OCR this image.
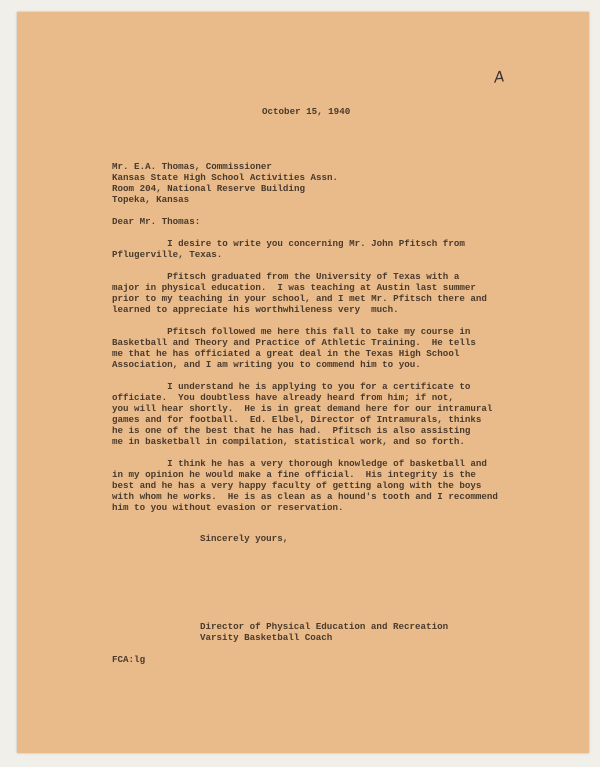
A
October 15, 1940
Mr. E.A. Thomas, Commissioner
Kansas State High School Activities Assn.
Room 204, National Reserve Building
Topeka, Kansas
Dear Mr. Thomas:
I desire to write you concerning Mr. John Pfitsch from
Pflugerville, Texas.
Pfitsch graduated from the University of Texas with a
major in physical education.  I was teaching at Austin last summer
prior to my teaching in your school, and I met Mr. Pfitsch there and
learned to appreciate his worthwhileness very  much.
Pfitsch followed me here this fall to take my course in
Basketball and Theory and Practice of Athletic Training.  He tells
me that he has officiated a great deal in the Texas High School
Association, and I am writing you to commend him to you.
I understand he is applying to you for a certificate to
officiate.  You doubtless have already heard from him; if not,
you will hear shortly.  He is in great demand here for our intramural
games and for football.  Ed. Elbel, Director of Intramurals, thinks
he is one of the best that he has had.  Pfitsch is also assisting
me in basketball in compilation, statistical work, and so forth.
I think he has a very thorough knowledge of basketball and
in my opinion he would make a fine official.  His integrity is the
best and he has a very happy faculty of getting along with the boys
with whom he works.  He is as clean as a hound's tooth and I recommend
him to you without evasion or reservation.
Sincerely yours,
Director of Physical Education and Recreation
Varsity Basketball Coach
FCA:lg
